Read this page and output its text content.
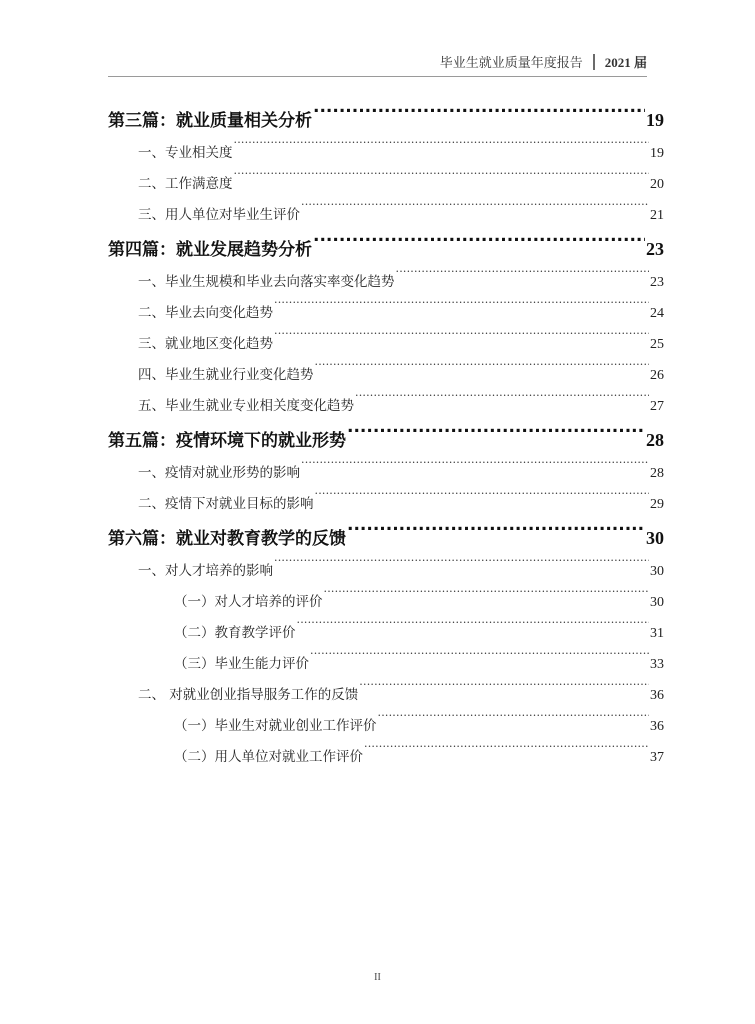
毕业生就业质量年度报告 2021 届
第三篇：就业质量相关分析 .....	19
一、专业相关度 .....	19
二、工作满意度 .....	20
三、用人单位对毕业生评价 .....	21
第四篇：就业发展趋势分析 .....	23
一、毕业生规模和毕业去向落实率变化趋势 .....	23
二、毕业去向变化趋势 .....	24
三、就业地区变化趋势 .....	25
四、毕业生就业行业变化趋势 .....	26
五、毕业生就业专业相关度变化趋势 .....	27
第五篇：疫情环境下的就业形势 .....	28
一、疫情对就业形势的影响 .....	28
二、疫情下对就业目标的影响 .....	29
第六篇：就业对教育教学的反馈 .....	30
一、对人才培养的影响 .....	30
（一）对人才培养的评价 .....	30
（二）教育教学评价 .....	31
（三）毕业生能力评价 .....	33
二、 对就业创业指导服务工作的反馈 .....	36
（一）毕业生对就业创业工作评价 .....	36
（二）用人单位对就业工作评价 .....	37
II
